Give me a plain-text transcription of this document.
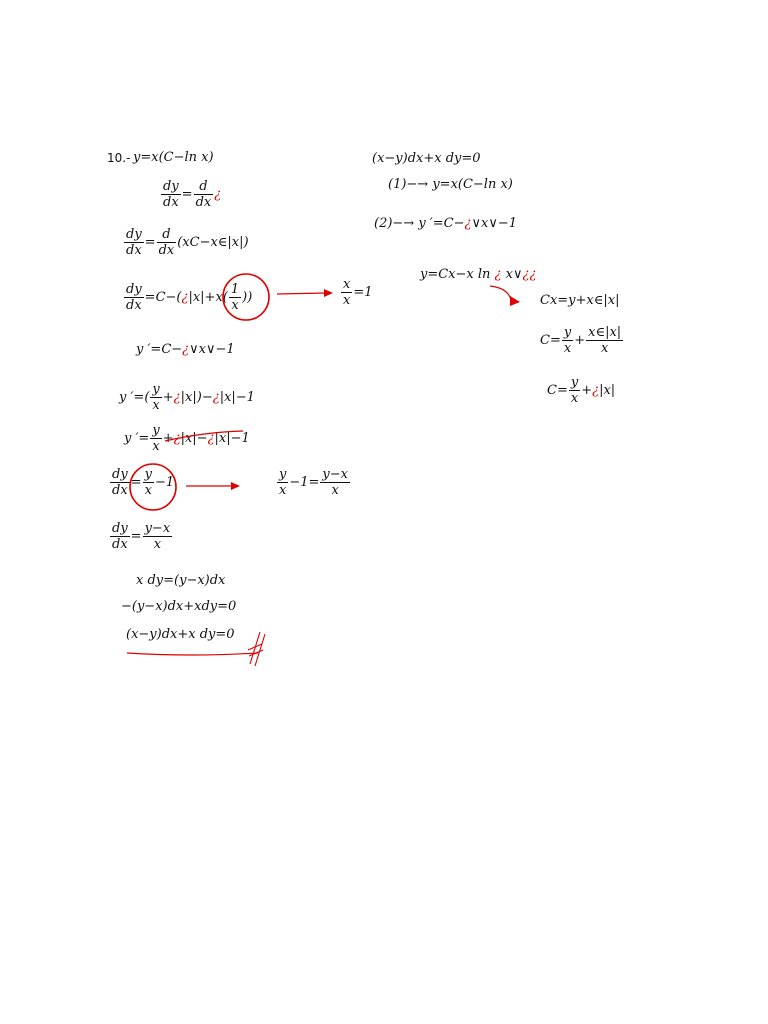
10.- y=x(C−ln x)
$\frac{dy}{dx} = \frac{d}{dx}$ ¿
$\frac{dy}{dx} = \frac{d}{dx}$ (xC−x∈|x|)
$\frac{dy}{dx}$ =C−(¿|x|+x( $\frac{1}{x}$ ))	$\frac{x}{x} =1$
y ′=C−¿∨x∨−1
y ′=( $\frac{y}{x}$ +¿|x|)−¿|x|−1
y ′= $\frac{y}{x}$ +¿|x|−¿|x|−1
$\frac{dy}{dx} = \frac{y}{x} -1$	$\frac{y}{x} -1= \frac{y-x}{x}$
$\frac{dy}{dx} = \frac{y-x}{x}$
x dy=(y−x)dx
−(y−x)dx+xdy=0
(x−y)dx+x dy=0
(x−y)dx+x dy=0
(1)−→ y=x(C−ln x)
(2)−→ y ′=C−¿∨x∨−1
y=Cx−x ln ¿ x∨¿¿
Cx=y+x∈|x|
$C= \frac{y}{x} + \frac{x\in|x|}{x}$
$C= \frac{y}{x}$ +¿|x|
